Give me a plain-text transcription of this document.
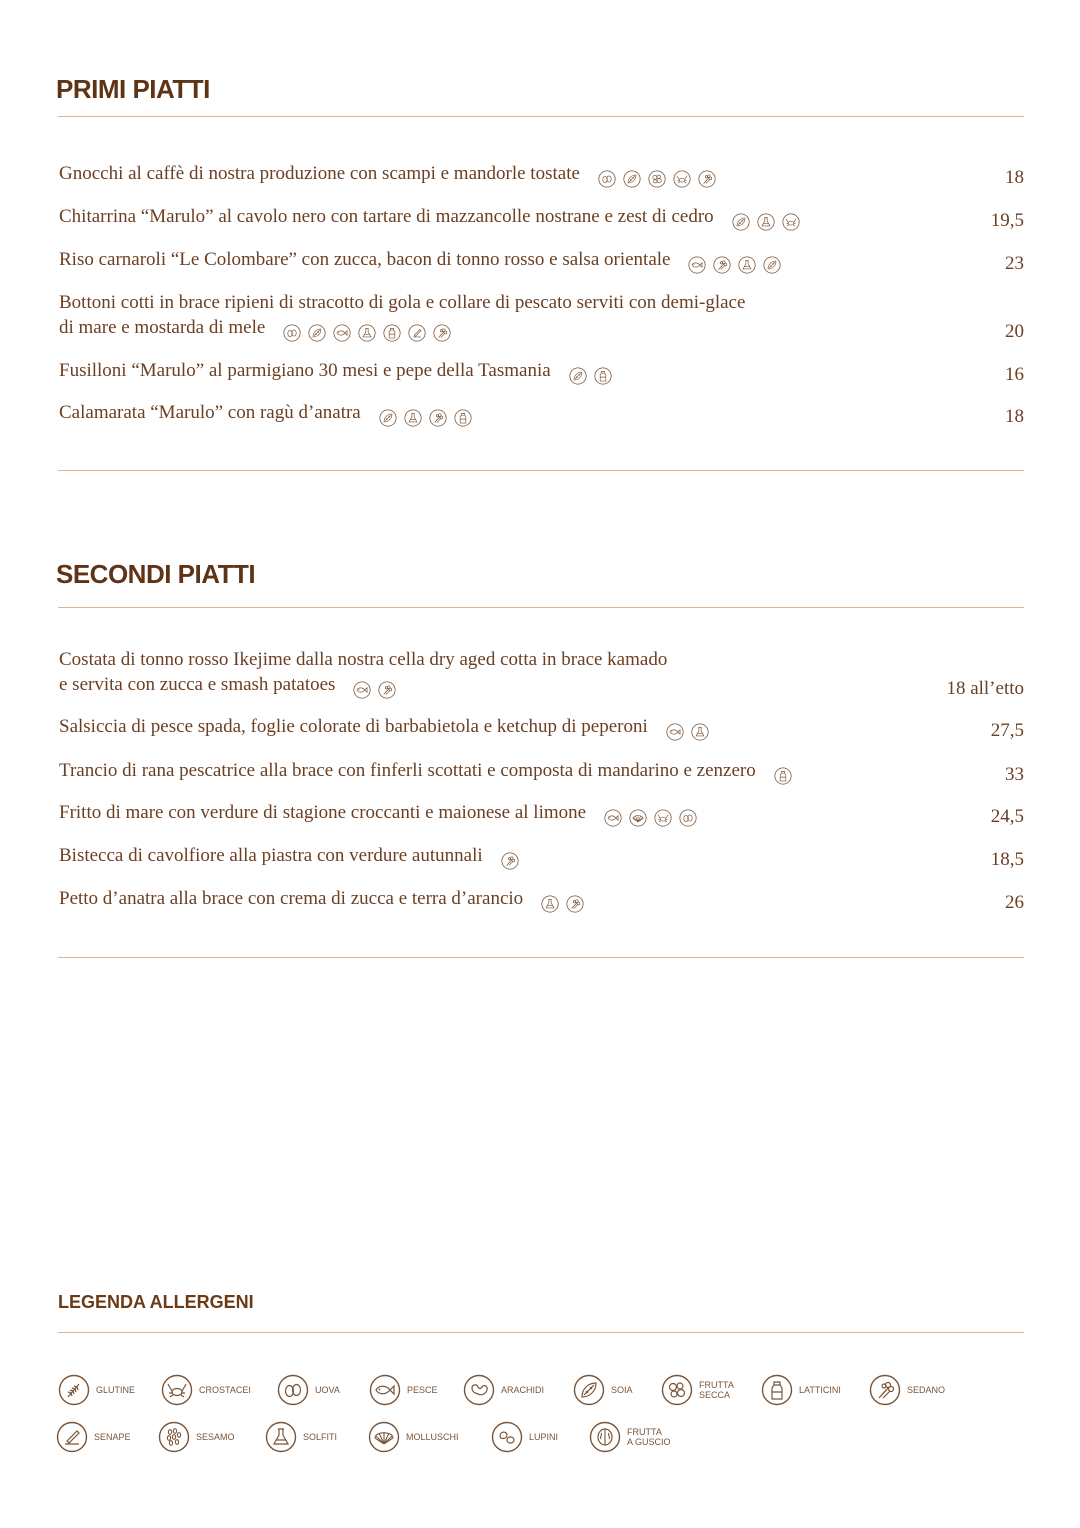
PRIMI PIATTI
Gnocchi al caffè di nostra produzione con scampi e mandorle tostate	18
Chitarrina “Marulo” al cavolo nero con tartare di mazzancolle nostrane e zest di cedro	19,5
Riso carnaroli “Le Colombare” con zucca, bacon di tonno rosso e salsa orientale	23
Bottoni cotti in brace ripieni di stracotto di gola e collare di pescato serviti con demi-glace
di mare e mostarda di mele	20
Fusilloni “Marulo” al parmigiano 30 mesi e pepe della Tasmania	16
Calamarata “Marulo” con ragù d’anatra	18
SECONDI PIATTI
Costata di tonno rosso Ikejime dalla nostra cella dry aged cotta in brace kamado
e servita con zucca e smash patatoes	18 all’etto
Salsiccia di pesce spada, foglie colorate di barbabietola e ketchup di peperoni	27,5
Trancio di rana pescatrice alla brace con finferli scottati e composta di mandarino e zenzero	33
Fritto di mare con verdure di stagione croccanti e maionese al limone	24,5
Bistecca di cavolfiore alla piastra con verdure autunnali	18,5
Petto d’anatra alla brace con crema di zucca e terra d’arancio	26
LEGENDA ALLERGENI
GLUTINE	CROSTACEI	UOVA	PESCE	ARACHIDI	SOIA	FRUTTA
SECCA	LATTICINI	SEDANO
SENAPE	SESAMO	SOLFITI	MOLLUSCHI	LUPINI	FRUTTA
A GUSCIO
